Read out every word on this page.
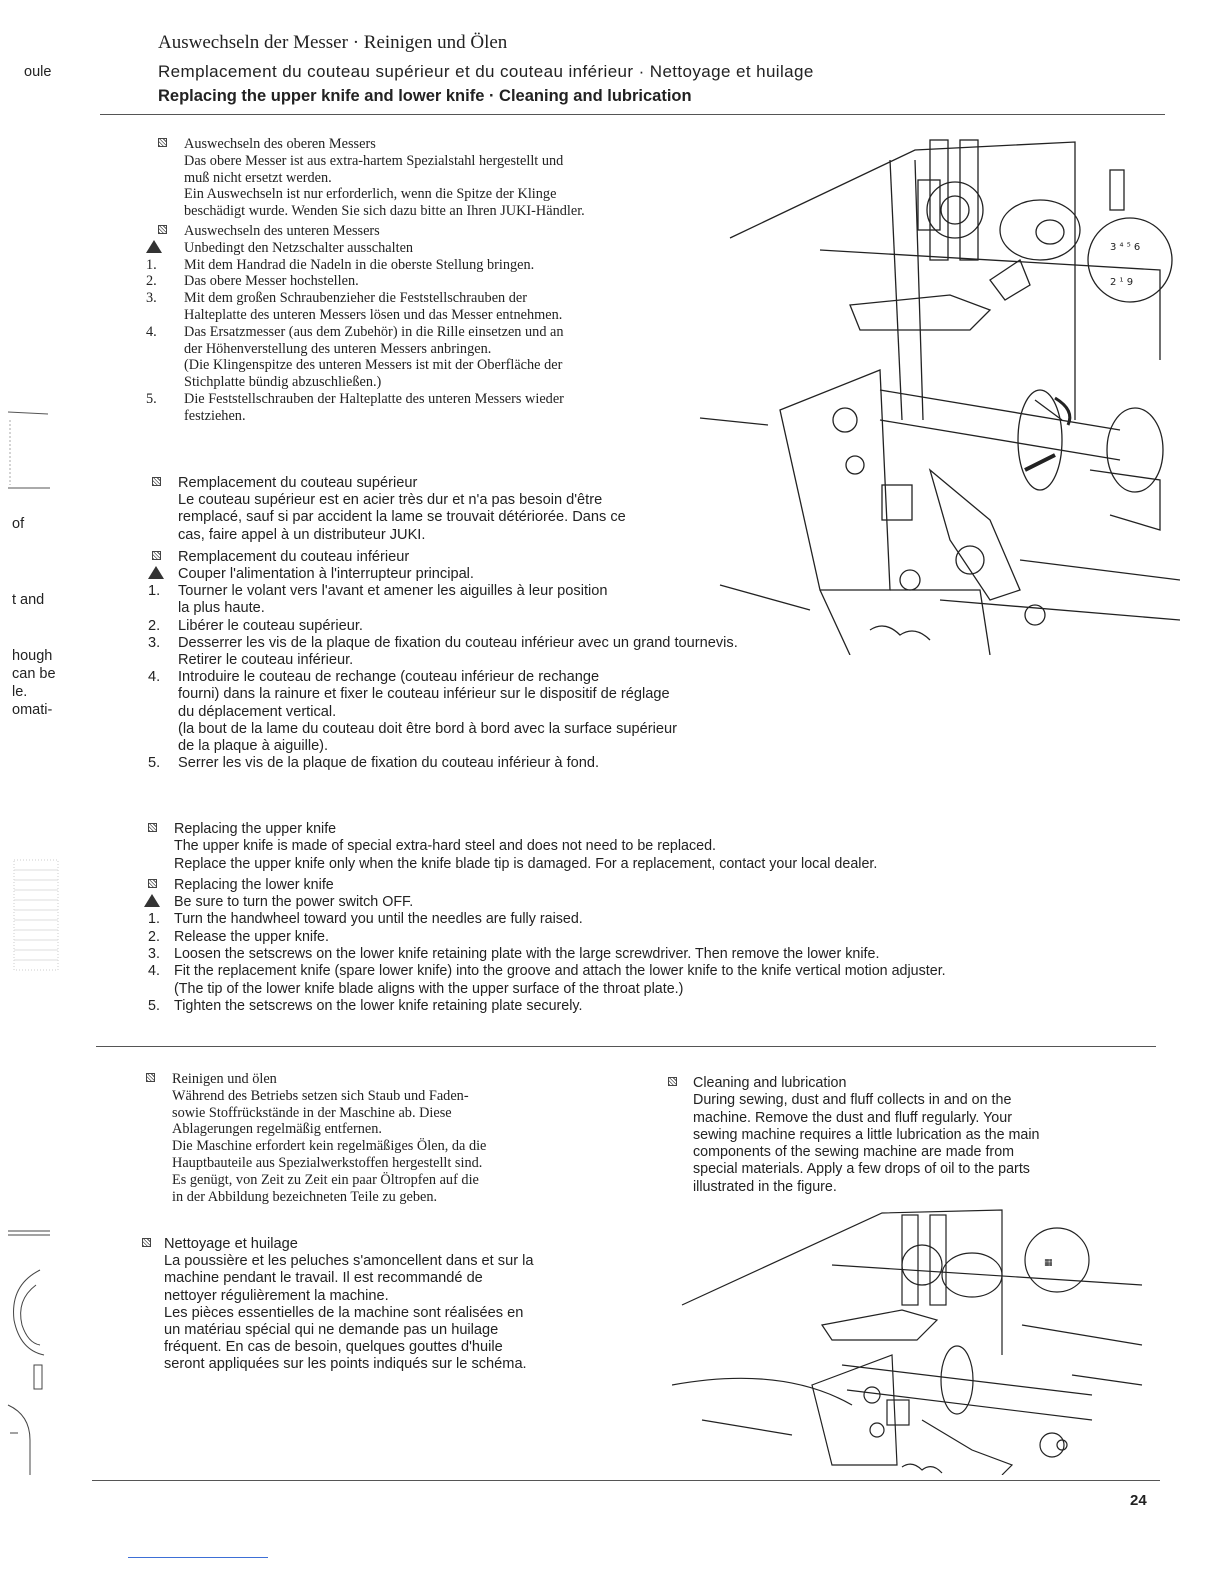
Auswechseln der Messer · Reinigen und Ölen
Remplacement du couteau supérieur et du couteau inférieur · Nettoyage et huilage
Replacing the upper knife and lower knife · Cleaning and lubrication
oule
of
t and
hough
can be
le.
omati-
Auswechseln des oberen Messers
Das obere Messer ist aus extra-hartem Spezialstahl hergestellt und
muß nicht ersetzt werden.
Ein Auswechseln ist nur erforderlich, wenn die Spitze der Klinge
beschädigt wurde. Wenden Sie sich dazu bitte an Ihren JUKI-Händler.
Auswechseln des unteren Messers
Unbedingt den Netzschalter ausschalten
1.	Mit dem Handrad die Nadeln in die oberste Stellung bringen.
2.	Das obere Messer hochstellen.
3.	Mit dem großen Schraubenzieher die Feststellschrauben der
Halteplatte des unteren Messers lösen und das Messer entnehmen.
4.	Das Ersatzmesser (aus dem Zubehör) in die Rille einsetzen und an
der Höhenverstellung des unteren Messers anbringen.
(Die Klingenspitze des unteren Messers ist mit der Oberfläche der
Stichplatte bündig abzuschließen.)
5.	Die Feststellschrauben der Halteplatte des unteren Messers wieder
festziehen.
Remplacement du couteau supérieur
Le couteau supérieur est en acier très dur et n'a pas besoin d'être
remplacé, sauf si par accident la lame se trouvait détériorée. Dans ce
cas, faire appel à un distributeur JUKI.
Remplacement du couteau inférieur
Couper l'alimentation à l'interrupteur principal.
1.	Tourner le volant vers l'avant et amener les aiguilles à leur position
la plus haute.
2.	Libérer le couteau supérieur.
3.	Desserrer les vis de la plaque de fixation du couteau inférieur avec un grand tournevis.
Retirer le couteau inférieur.
4.	Introduire le couteau de rechange (couteau inférieur de rechange
fourni) dans la rainure et fixer le couteau inférieur sur le dispositif de réglage
du déplacement vertical.
(la bout de la lame du couteau doit être bord à bord avec la surface supérieur
de la plaque à aiguille).
5.	Serrer les vis de la plaque de fixation du couteau inférieur à fond.
Replacing the upper knife
The upper knife is made of special extra-hard steel and does not need to be replaced.
Replace the upper knife only when the knife blade tip is damaged. For a replacement, contact your local dealer.
Replacing the lower knife
Be sure to turn the power switch OFF.
1. Turn the handwheel toward you until the needles are fully raised.
2. Release the upper knife.
3. Loosen the setscrews on the lower knife retaining plate with the large screwdriver. Then remove the lower knife.
4. Fit the replacement knife (spare lower knife) into the groove and attach the lower knife to the knife vertical motion adjuster.
(The tip of the lower knife blade aligns with the upper surface of the throat plate.)
5. Tighten the setscrews on the lower knife retaining plate securely.
Reinigen und ölen
Während des Betriebs setzen sich Staub und Faden-
sowie Stoffrückstände in der Maschine ab. Diese
Ablagerungen regelmäßig entfernen.
Die Maschine erfordert kein regelmäßiges Ölen, da die
Hauptbauteile aus Spezialwerkstoffen hergestellt sind.
Es genügt, von Zeit zu Zeit ein paar Öltropfen auf die
in der Abbildung bezeichneten Teile zu geben.
Nettoyage et huilage
La poussière et les peluches s'amoncellent dans et sur la
machine pendant le travail. Il est recommandé de
nettoyer régulièrement la machine.
Les pièces essentielles de la machine sont réalisées en
un matériau spécial qui ne demande pas un huilage
fréquent. En cas de besoin, quelques gouttes d'huile
seront appliquées sur les points indiqués sur le schéma.
Cleaning and lubrication
During sewing, dust and fluff collects in and on the
machine. Remove the dust and fluff regularly. Your
sewing machine requires a little lubrication as the main
components of the sewing machine are made from
special materials. Apply a few drops of oil to the parts
illustrated in the figure.
3 ⁴ ⁵ 6
2 ¹ 9
▦
24
